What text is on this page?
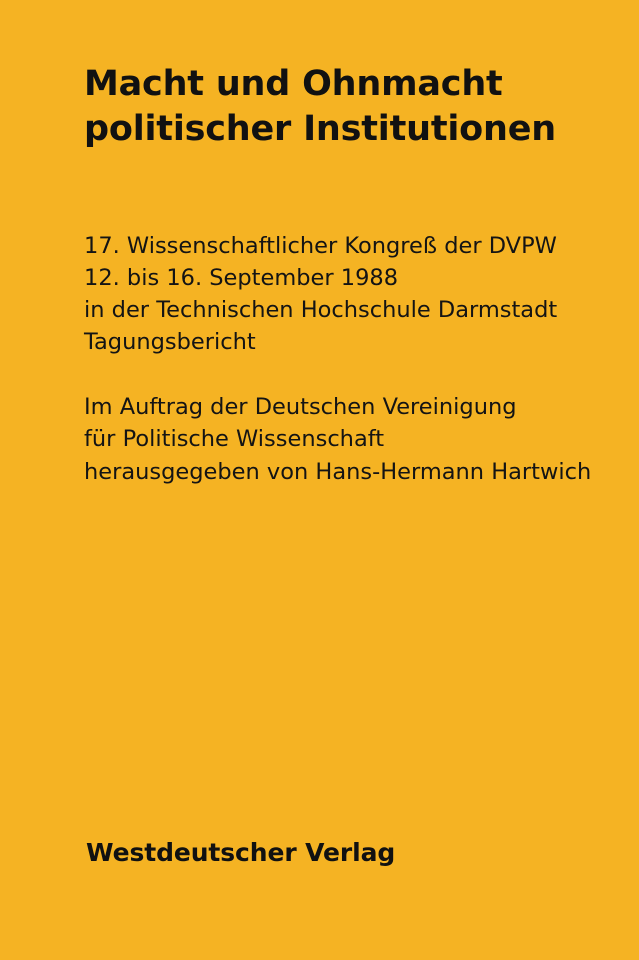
Macht und Ohnmacht
politischer Institutionen
17. Wissenschaftlicher Kongreß der DVPW
12. bis 16. September 1988
in der Technischen Hochschule Darmstadt
Tagungsbericht
Im Auftrag der Deutschen Vereinigung
für Politische Wissenschaft
herausgegeben von Hans-Hermann Hartwich
Westdeutscher Verlag
